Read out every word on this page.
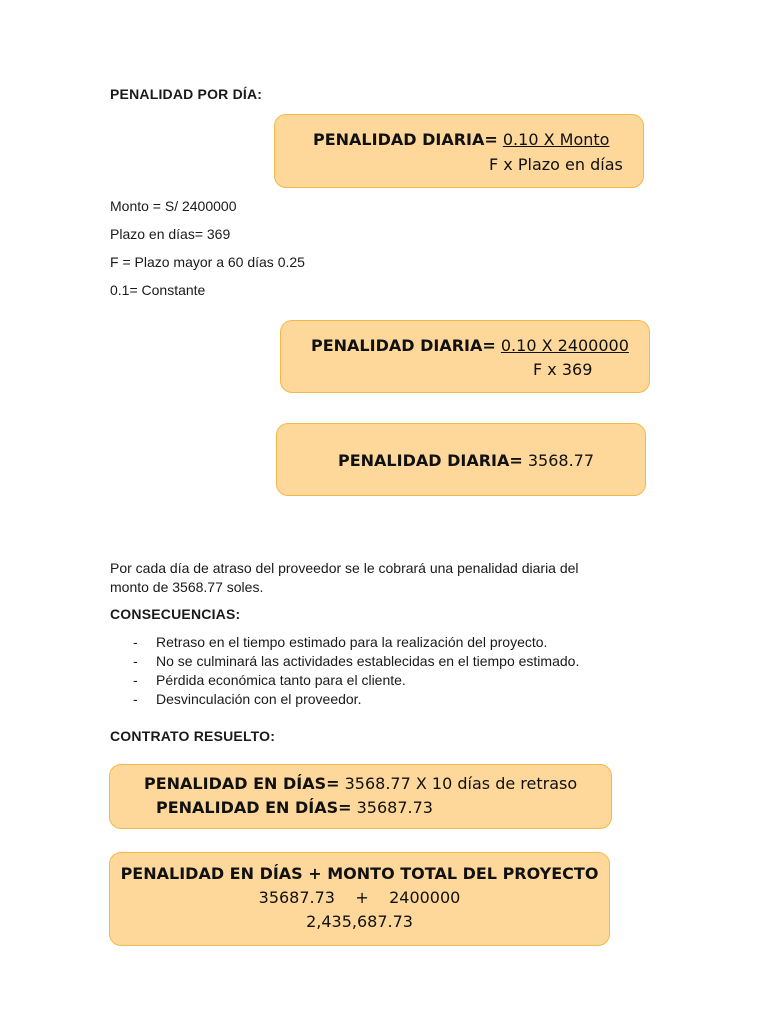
PENALIDAD POR DÍA:
PENALIDAD DIARIA= 0.10 X Monto
F x Plazo en días
Monto = S/ 2400000
Plazo en días= 369
F = Plazo mayor a 60 días 0.25
0.1= Constante
PENALIDAD DIARIA= 0.10 X 2400000
F x 369
PENALIDAD DIARIA= 3568.77
Por cada día de atraso del proveedor se le cobrará una penalidad diaria del
monto de 3568.77 soles.
CONSECUENCIAS:
- Retraso en el tiempo estimado para la realización del proyecto.
- No se culminará las actividades establecidas en el tiempo estimado.
- Pérdida económica tanto para el cliente.
- Desvinculación con el proveedor.
CONTRATO RESUELTO:
PENALIDAD EN DÍAS= 3568.77 X 10 días de retraso
PENALIDAD EN DÍAS= 35687.73
PENALIDAD EN DÍAS + MONTO TOTAL DEL PROYECTO
35687.73    +    2400000
2,435,687.73
